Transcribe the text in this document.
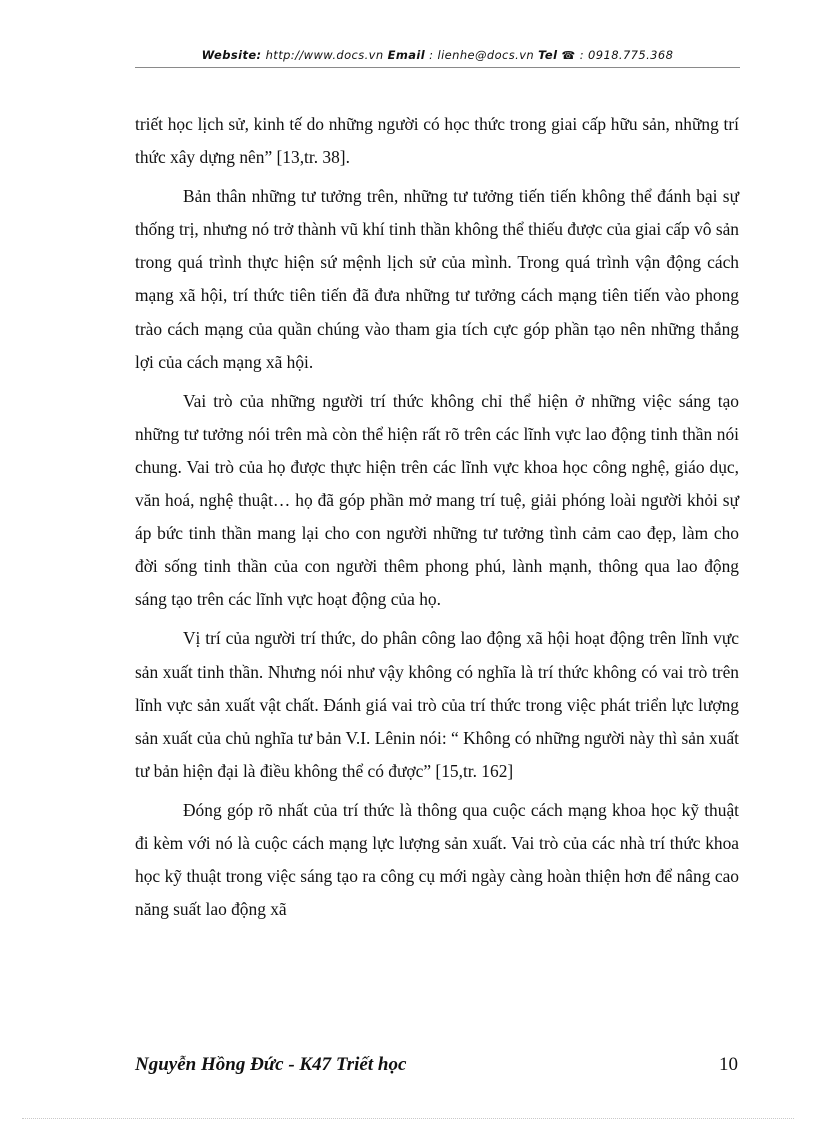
Website: http://www.docs.vn Email : lienhe@docs.vn Tel ☎ : 0918.775.368

triết học lịch sử, kinh tế do những người có học thức trong giai cấp hữu sản, những trí thức xây dựng nên” [13,tr. 38].

Bản thân những tư tưởng trên, những tư tưởng tiến tiến không thể đánh bại sự thống trị, nhưng nó trở thành vũ khí tinh thần không thể thiếu được của giai cấp vô sản trong quá trình thực hiện sứ mệnh lịch sử của mình. Trong quá trình vận động cách mạng xã hội, trí thức tiên tiến đã đưa những tư tưởng cách mạng tiên tiến vào phong trào cách mạng của quần chúng vào tham gia tích cực góp phần tạo nên những thắng lợi của cách mạng xã hội.

Vai trò của những người trí thức không chỉ thể hiện ở những việc sáng tạo những tư tưởng nói trên mà còn thể hiện rất rõ trên các lĩnh vực lao động tinh thần nói chung. Vai trò của họ được thực hiện trên các lĩnh vực khoa học công nghệ, giáo dục, văn hoá, nghệ thuật… họ đã góp phần mở mang trí tuệ, giải phóng loài người khỏi sự áp bức tinh thần mang lại cho con người những tư tưởng tình cảm cao đẹp, làm cho đời sống tinh thần của con người thêm phong phú, lành mạnh, thông qua lao động sáng tạo trên các lĩnh vực hoạt động của họ.

Vị trí của người trí thức, do phân công lao động xã hội hoạt động trên lĩnh vực sản xuất tinh thần. Nhưng nói như vậy không có nghĩa là trí thức không có vai trò trên lĩnh vực sản xuất vật chất. Đánh giá vai trò của trí thức trong việc phát triển lực lượng sản xuất của chủ nghĩa tư bản V.I. Lênin nói: “ Không có những người này thì sản xuất tư bản hiện đại là điều không thể có được” [15,tr. 162]

Đóng góp rõ nhất của trí thức là thông qua cuộc cách mạng khoa học kỹ thuật đi kèm với nó là cuộc cách mạng lực lượng sản xuất. Vai trò của các nhà trí thức khoa học kỹ thuật trong việc sáng tạo ra công cụ mới ngày càng hoàn thiện hơn để nâng cao năng suất lao động xã

Nguyễn Hồng Đức - K47 Triết học	10
